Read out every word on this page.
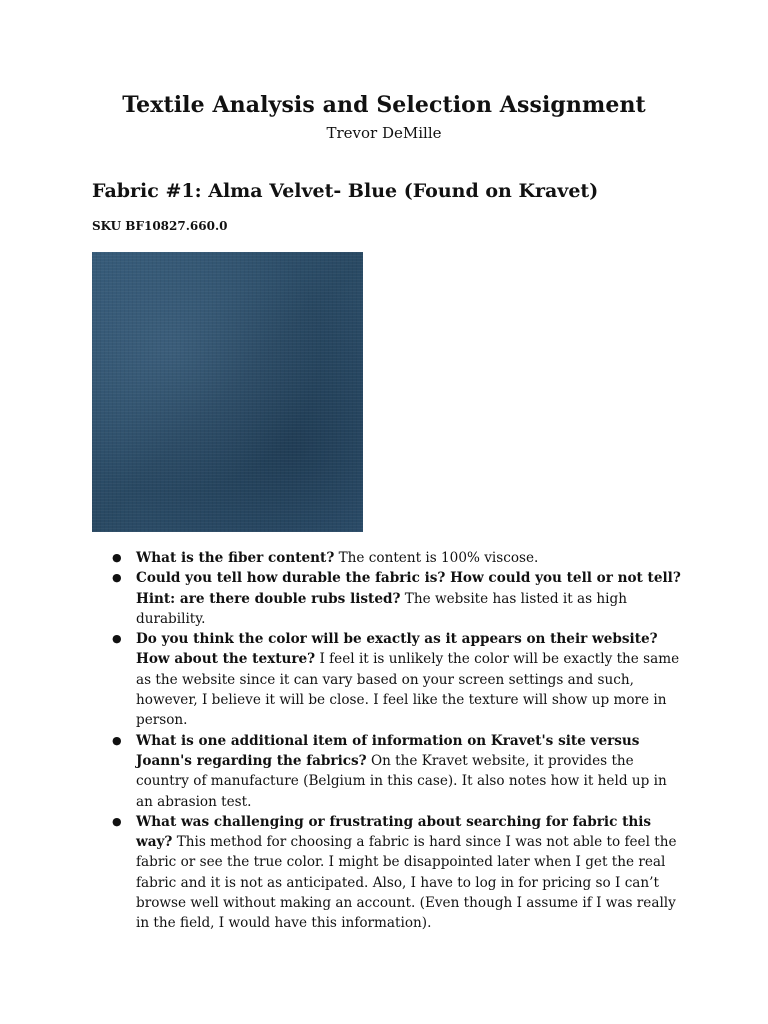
Textile Analysis and Selection Assignment
Trevor DeMille
Fabric #1: Alma Velvet- Blue (Found on Kravet)
SKU BF10827.660.0
●	What is the fiber content? The content is 100% viscose.
●	Could you tell how durable the fabric is? How could you tell or not tell? Hint: are there double rubs listed? The website has listed it as high durability.
●	Do you think the color will be exactly as it appears on their website? How about the texture? I feel it is unlikely the color will be exactly the same as the website since it can vary based on your screen settings and such, however, I believe it will be close. I feel like the texture will show up more in person.
●	What is one additional item of information on Kravet's site versus Joann's regarding the fabrics? On the Kravet website, it provides the country of manufacture (Belgium in this case). It also notes how it held up in an abrasion test.
●	What was challenging or frustrating about searching for fabric this way? This method for choosing a fabric is hard since I was not able to feel the fabric or see the true color. I might be disappointed later when I get the real fabric and it is not as anticipated. Also, I have to log in for pricing so I can’t browse well without making an account. (Even though I assume if I was really in the field, I would have this information).
